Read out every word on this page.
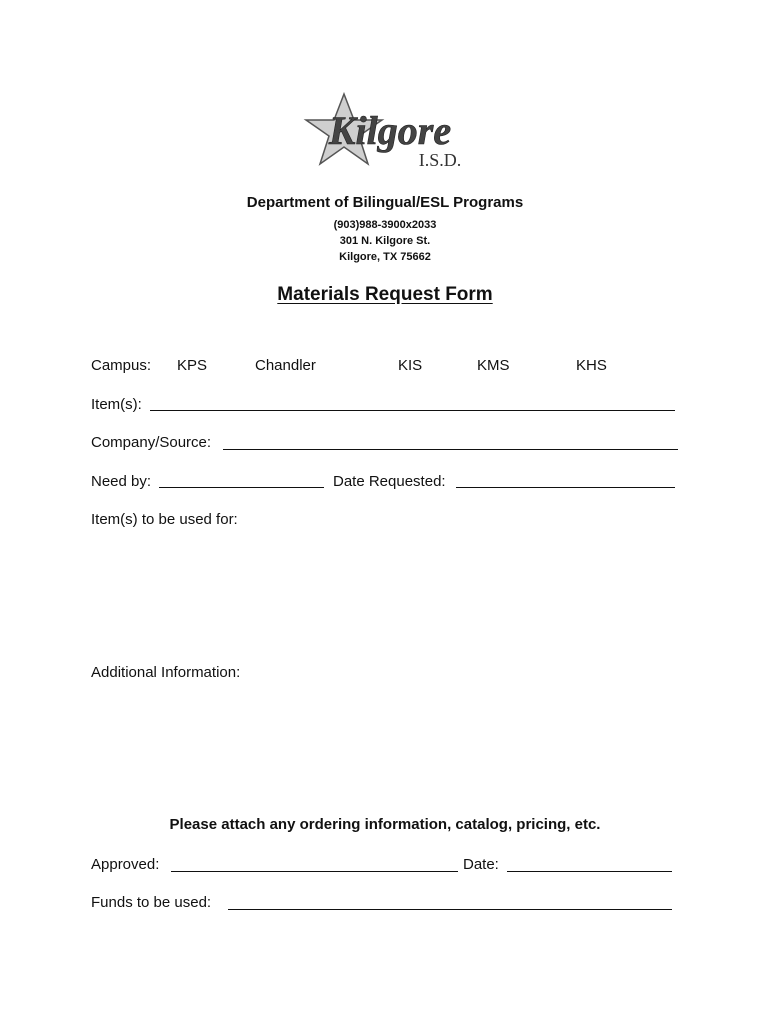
Kilgore
I.S.D.
Department of Bilingual/ESL Programs
(903)988-3900x2033
301 N. Kilgore St.
Kilgore, TX 75662
Materials Request Form
Campus: KPS	Chandler	KIS	KMS	KHS
Item(s):
Company/Source:
Need by:	Date Requested:
Item(s) to be used for:
Additional Information:
Please attach any ordering information, catalog, pricing, etc.
Approved:	Date:
Funds to be used:
